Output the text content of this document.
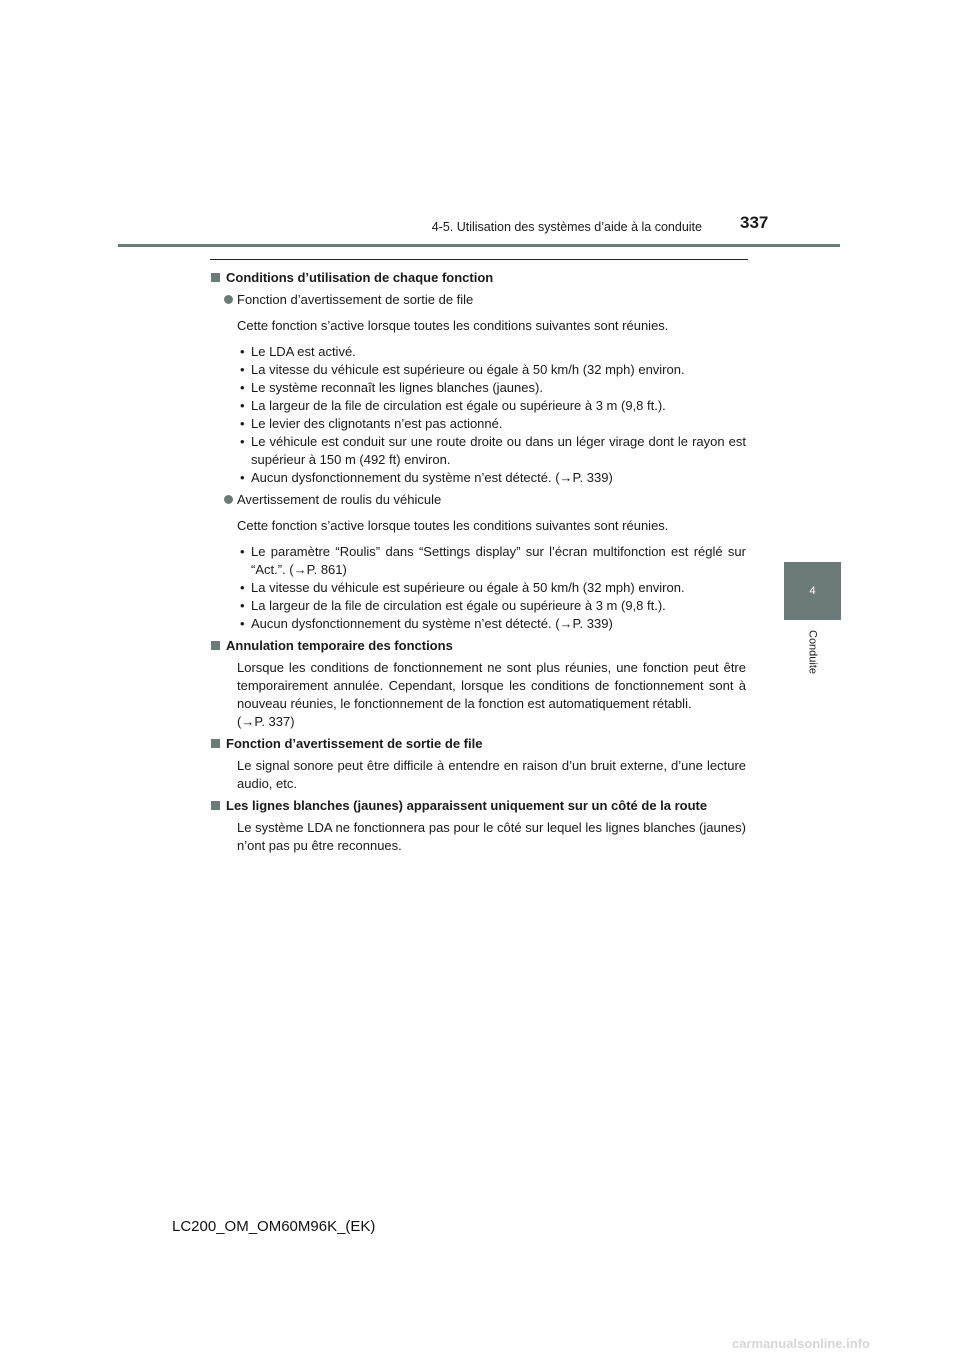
4-5. Utilisation des systèmes d’aide à la conduite 337
4
Conduite
Conditions d’utilisation de chaque fonction
Fonction d’avertissement de sortie de file

Cette fonction s’active lorsque toutes les conditions suivantes sont réunies.

• Le LDA est activé.
• La vitesse du véhicule est supérieure ou égale à 50 km/h (32 mph) environ.
• Le système reconnaît les lignes blanches (jaunes).
• La largeur de la file de circulation est égale ou supérieure à 3 m (9,8 ft.).
• Le levier des clignotants n’est pas actionné.
• Le véhicule est conduit sur une route droite ou dans un léger virage dont le rayon est supérieur à 150 m (492 ft) environ.
• Aucun dysfonctionnement du système n’est détecté. (→P. 339)
Avertissement de roulis du véhicule

Cette fonction s’active lorsque toutes les conditions suivantes sont réunies.

• Le paramètre “Roulis” dans “Settings display” sur l’écran multifonction est réglé sur “Act.”. (→P. 861)
• La vitesse du véhicule est supérieure ou égale à 50 km/h (32 mph) environ.
• La largeur de la file de circulation est égale ou supérieure à 3 m (9,8 ft.).
• Aucun dysfonctionnement du système n’est détecté. (→P. 339)
Annulation temporaire des fonctions

Lorsque les conditions de fonctionnement ne sont plus réunies, une fonction peut être temporairement annulée. Cependant, lorsque les conditions de fonctionnement sont à nouveau réunies, le fonctionnement de la fonction est automatiquement rétabli.

(→P. 337)

Fonction d’avertissement de sortie de file

Le signal sonore peut être difficile à entendre en raison d’un bruit externe, d’une lecture audio, etc.

Les lignes blanches (jaunes) apparaissent uniquement sur un côté de la route

Le système LDA ne fonctionnera pas pour le côté sur lequel les lignes blanches (jaunes) n’ont pas pu être reconnues.

LC200_OM_OM60M96K_(EK)
carmanualsonline.info
